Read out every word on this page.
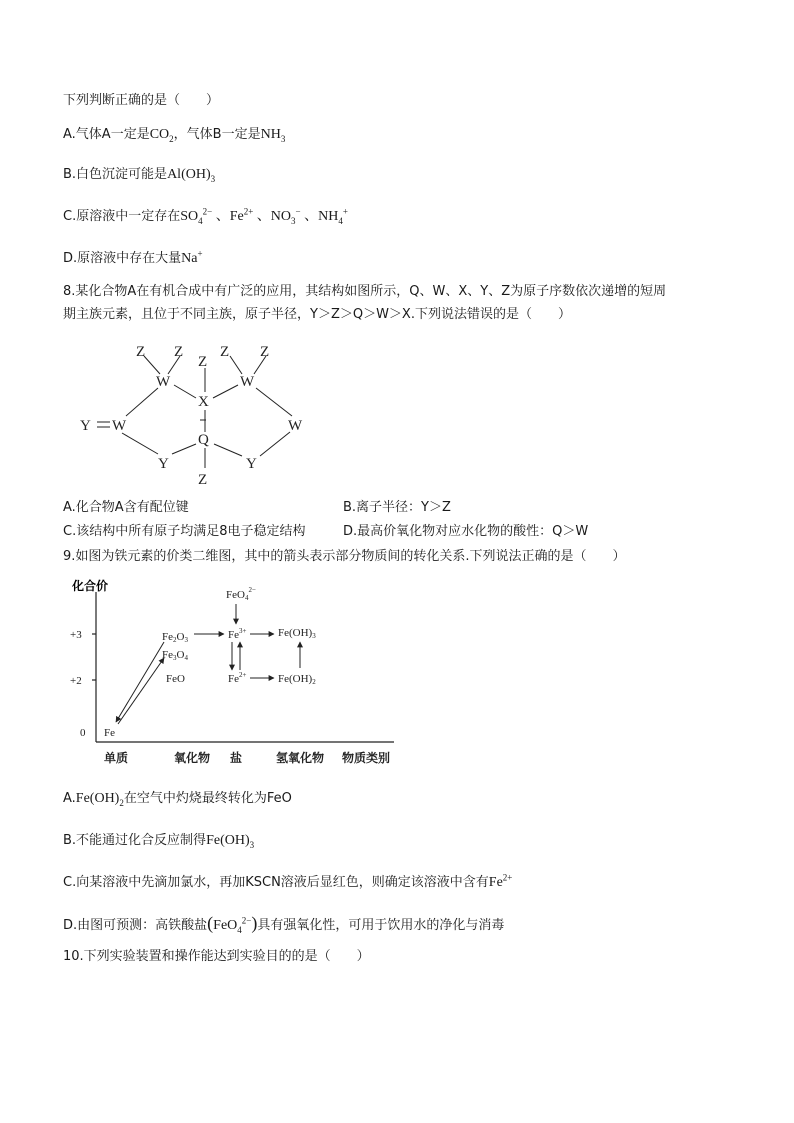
下列判断正确的是（　　）
A.气体A一定是$CO_2$，气体B一定是$NH_3$
B.白色沉淀可能是$Al(OH)_3$
C.原溶液中一定存在$SO_4^{2-}$ 、$Fe^{2+}$ 、$NO_3^-$ 、$NH_4^+$
D.原溶液中存在大量Na+
8.某化合物A在有机合成中有广泛的应用，其结构如图所示，Q、W、X、Y、Z为原子序数依次递增的短周
期主族元素，且位于不同主族，原子半径，Y＞Z＞Q＞W＞X.下列说法错误的是（　　）
Z Z
Z
Z Z
W	W
X
Y W	W
Q
Y	Y
Z
A.化合物A含有配位键	B.离子半径：Y＞Z
C.该结构中所有原子均满足8电子稳定结构	D.最高价氧化物对应水化物的酸性：Q＞W
9.如图为铁元素的价类二维图，其中的箭头表示部分物质间的转化关系.下列说法正确的是（　　）
化合价
+3
+2
0
单质	氧化物 盐	氢氧化物 物质类别
Fe
Fe2O3
Fe3O4
FeO
$FeO4^{2-}$
$Fe^{3+}$
$Fe^{2+}$
Fe(OH)3
Fe(OH)2
$A.Fe(OH)_2$在空气中灼烧最终转化为FeO
B.不能通过化合反应制得$Fe(OH)_3$
C.向某溶液中先滴加氯水，再加KSCN溶液后显红色，则确定该溶液中含有$Fe^{2+}$
D.由图可预测：高铁酸盐(FeO$_4^{2-}$)具有强氧化性，可用于饮用水的净化与消毒
10.下列实验装置和操作能达到实验目的的是（　　）
